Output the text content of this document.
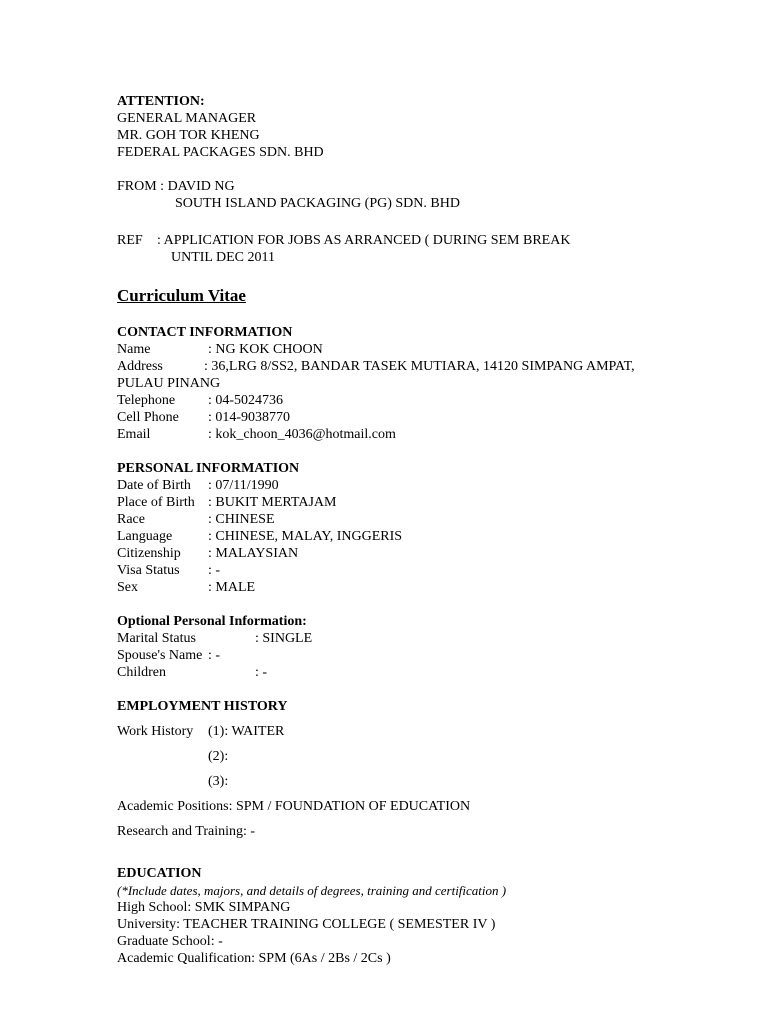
ATTENTION:
GENERAL MANAGER
MR. GOH TOR KHENG
FEDERAL PACKAGES SDN. BHD
FROM : DAVID NG
SOUTH ISLAND PACKAGING (PG) SDN. BHD
REF	: APPLICATION FOR JOBS AS ARRANCED ( DURING SEM BREAK
UNTIL DEC 2011
Curriculum Vitae
CONTACT INFORMATION
Name	: NG KOK CHOON
Address	: 36,LRG 8/SS2, BANDAR TASEK MUTIARA, 14120 SIMPANG AMPAT,
PULAU PINANG
Telephone	: 04-5024736
Cell Phone	: 014-9038770
Email	: kok_choon_4036@hotmail.com
PERSONAL INFORMATION
Date of Birth	: 07/11/1990
Place of Birth : BUKIT MERTAJAM
Race	: CHINESE
Language	: CHINESE, MALAY, INGGERIS
Citizenship	: MALAYSIAN
Visa Status	: -
Sex	: MALE
Optional Personal Information:
Marital Status	: SINGLE
Spouse's Name : -
Children	: -
EMPLOYMENT HISTORY
Work History	(1): WAITER
(2):
(3):
Academic Positions: SPM / FOUNDATION OF EDUCATION
Research and Training: -
EDUCATION
(*Include dates, majors, and details of degrees, training and certification )
High School: SMK SIMPANG
University: TEACHER TRAINING COLLEGE ( SEMESTER IV )
Graduate School: -
Academic Qualification: SPM (6As / 2Bs / 2Cs )
